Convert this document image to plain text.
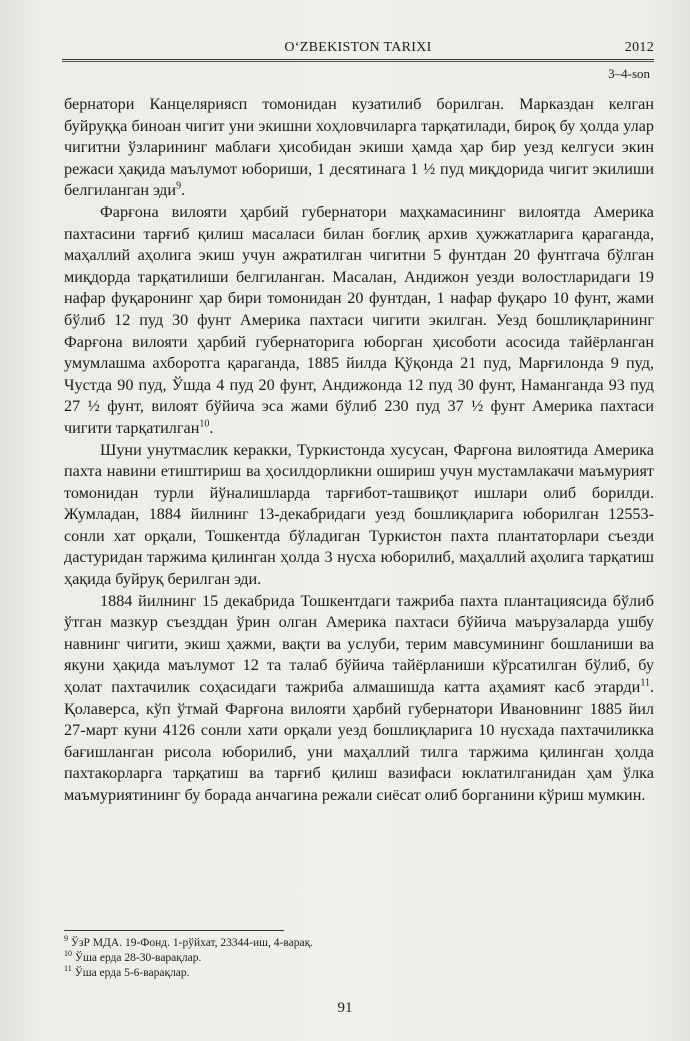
O‘ZBEKISTON TARIXI	2012
3–4-son

бернатори Канцеляриясп томонидан кузатилиб борилган. Марказдан келган буйруққа биноан чигит уни экишни хоҳловчиларга тарқатилади, бироқ бу ҳолда улар чигитни ўзларининг маблағи ҳисобидан экиши ҳамда ҳар бир уезд келгуси экин режаси ҳақида маълумот юбориши, 1 десятинага 1 ½ пуд миқдорида чигит экилиши белгиланган эди$^9$.

Фарғона вилояти ҳарбий губернатори маҳкамасининг вилоятда Америка пахтасини тарғиб қилиш масаласи билан боғлиқ архив ҳужжатларига қараганда, маҳаллий аҳолига экиш учун ажратилган чигитни 5 фунтдан 20 фунтгача бўлган миқдорда тарқатилиши белгиланган. Масалан, Андижон уезди волостларидаги 19 нафар фуқаронинг ҳар бири томонидан 20 фунтдан, 1 нафар фуқаро 10 фунт, жами бўлиб 12 пуд 30 фунт Америка пахтаси чигити экилган. Уезд бошлиқларининг Фарғона вилояти ҳарбий губернаторига юборган ҳисоботи асосида тайёрланган умумлашма ахборотга қараганда, 1885 йилда Қўқонда 21 пуд, Марғилонда 9 пуд, Чустда 90 пуд, Ўшда 4 пуд 20 фунт, Андижонда 12 пуд 30 фунт, Наманганда 93 пуд 27 ½ фунт, вилоят бўйича эса жами бўлиб 230 пуд 37 ½ фунт Америка пахтаси чигити тарқатилган$^{10}$.

Шуни унутмаслик керакки, Туркистонда хусусан, Фарғона вилоятида Америка пахта навини етиштириш ва ҳосилдорликни ошириш учун мустамлакачи маъмурият томонидан турли йўналишларда тарғибот-ташвиқот ишлари олиб борилди. Жумладан, 1884 йилнинг 13-декабридаги уезд бошлиқларига юборилган 12553-сонли хат орқали, Тошкентда бўладиган Туркистон пахта плантаторлари съезди дастуридан таржима қилинган ҳолда 3 нусха юборилиб, маҳаллий аҳолига тарқатиш ҳақида буйруқ берилган эди.

1884 йилнинг 15 декабрида Тошкентдаги тажриба пахта плантациясида бўлиб ўтган мазкур съезддан ўрин олган Америка пахтаси бўйича маърузаларда ушбу навнинг чигити, экиш ҳажми, вақти ва услуби, терим мавсумининг бошланиши ва якуни ҳақида маълумот 12 та талаб бўйича тайёрланиши кўрсатилган бўлиб, бу ҳолат пахтачилик соҳасидаги тажриба алмашишда катта аҳамият касб этарди$^{11}$. Қолаверса, кўп ўтмай Фарғона вилояти ҳарбий губернатори Ивановнинг 1885 йил 27-март куни 4126 сонли хати орқали уезд бошлиқларига 10 нусхада пахтачиликка бағишланган рисола юборилиб, уни маҳаллий тилга таржима қилинган ҳолда пахтакорларга тарқатиш ва тарғиб қилиш вазифаси юклатилганидан ҳам ўлка маъмуриятининг бу борада анчагина режали сиёсат олиб борганини кўриш мумкин.

$^9$ ЎзР МДА. 19-Фонд. 1-рўйхат, 23344-иш, 4-варақ.
$^{10}$ Ўша ерда 28-30-варақлар.
$^{11}$ Ўша ерда 5-6-варақлар.
91
